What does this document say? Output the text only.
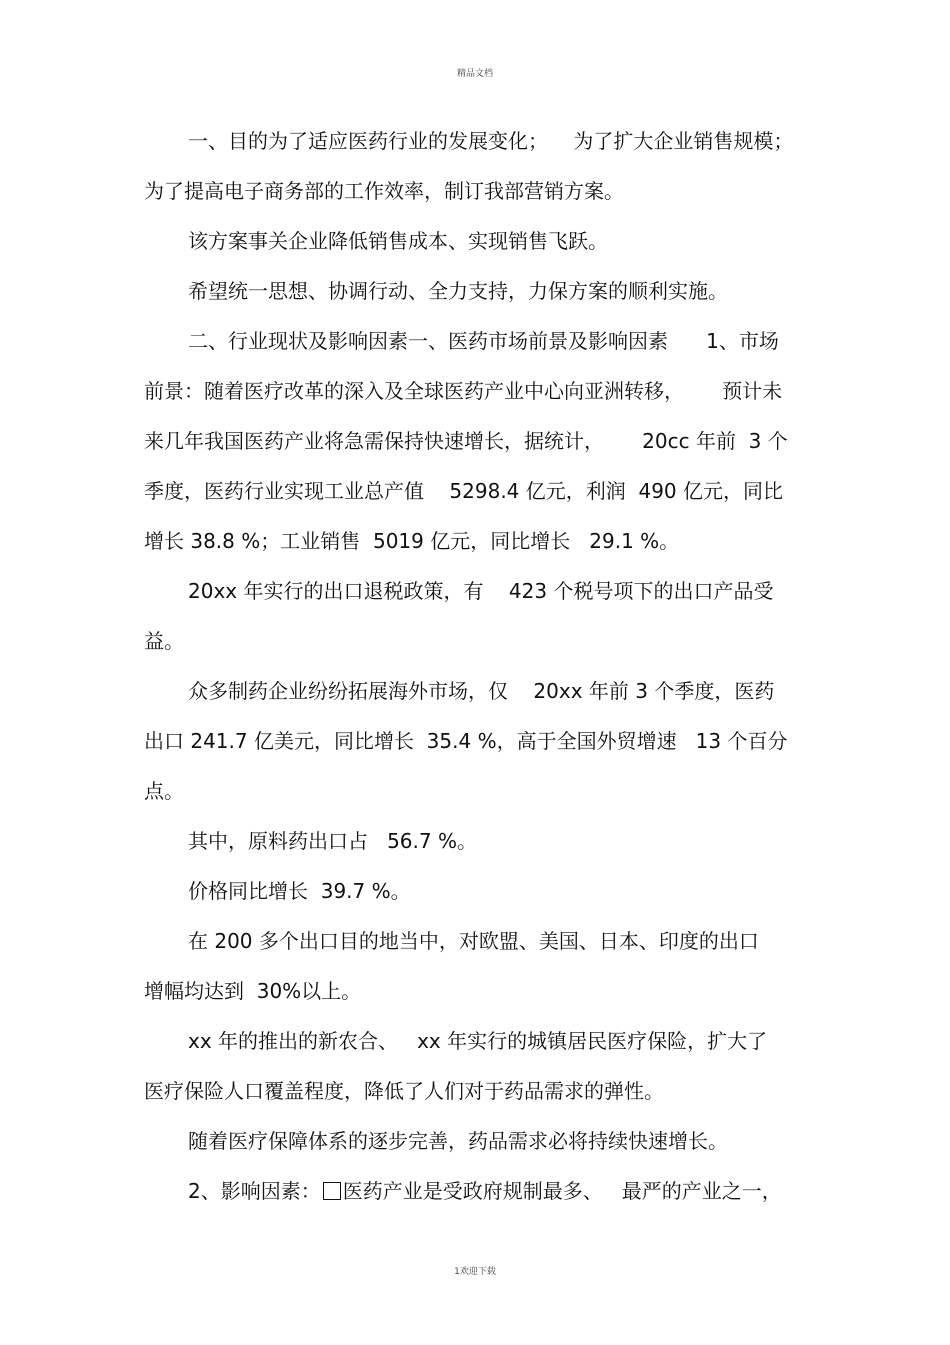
精品文档
一、目的为了适应医药行业的发展变化；    为了扩大企业销售规模；
为了提高电子商务部的工作效率，制订我部营销方案。
该方案事关企业降低销售成本、实现销售飞跃。
希望统一思想、协调行动、全力支持，力保方案的顺利实施。
二、行业现状及影响因素一、医药市场前景及影响因素      1、市场
前景：随着医疗改革的深入及全球医药产业中心向亚洲转移，      预计未
来几年我国医药产业将急需保持快速增长，据统计，      20cc 年前  3 个
季度，医药行业实现工业总产值    5298.4 亿元，利润  490 亿元，同比
增长 38.8 %；工业销售  5019 亿元，同比增长   29.1 %。
20xx 年实行的出口退税政策，有    423 个税号项下的出口产品受
益。
众多制药企业纷纷拓展海外市场，仅    20xx 年前 3 个季度，医药
出口 241.7 亿美元，同比增长  35.4 %，高于全国外贸增速   13 个百分
点。
其中，原料药出口占   56.7 %。
价格同比增长  39.7 %。
在 200 多个出口目的地当中，对欧盟、美国、日本、印度的出口
增幅均达到  30%以上。
xx 年的推出的新农合、   xx 年实行的城镇居民医疗保险，扩大了
医疗保险人口覆盖程度，降低了人们对于药品需求的弹性。
随着医疗保障体系的逐步完善，药品需求必将持续快速增长。
2、影响因素： 医药产业是受政府规制最多、   最严的产业之一，
1欢迎下载
